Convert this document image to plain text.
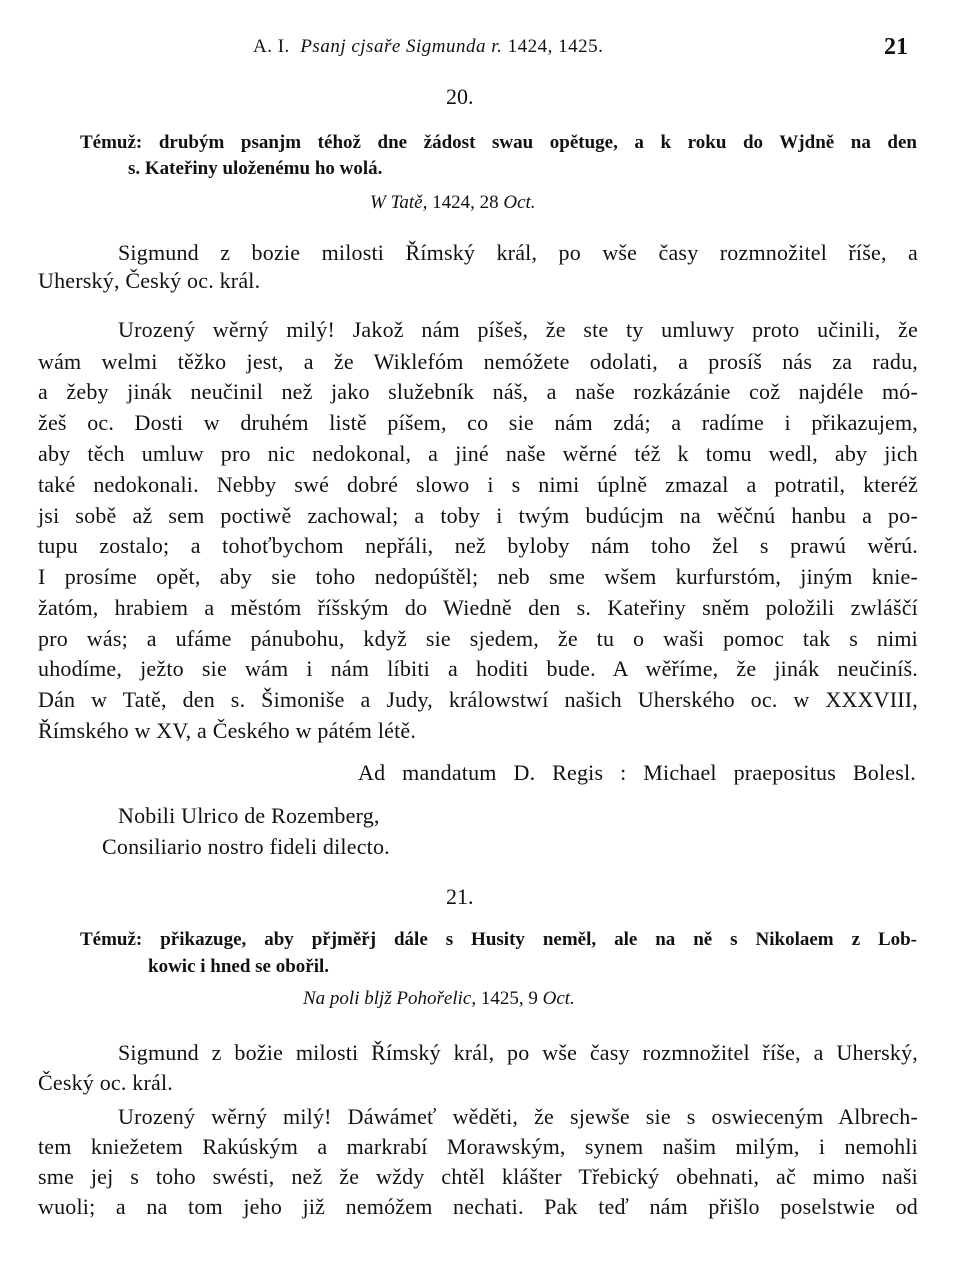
A. I. Psanj cjsaře Sigmunda r. 1424, 1425.	21
20.
Témuž: drubým psanjm téhož dne žádost swau opětuge, a k roku do Wjdně na den
s. Kateřiny uloženému ho wolá.
W Tatě, 1424, 28 Oct.
Sigmund z bozie milosti Římský král, po wše časy rozmnožitel říše, a
Uherský, Český oc. král.
Urozený wěrný milý! Jakož nám píšeš, že ste ty umluwy proto učinili, že
wám welmi těžko jest, a že Wiklefóm nemóžete odolati, a prosíš nás za radu,
a žeby jinák neučinil než jako služebník náš, a naše rozkázánie což najdéle mó-
žeš oc. Dosti w druhém listě píšem, co sie nám zdá; a radíme i přikazujem,
aby těch umluw pro nic nedokonal, a jiné naše wěrné též k tomu wedl, aby jich
také nedokonali. Nebby swé dobré slowo i s nimi úplně zmazal a potratil, kteréž
jsi sobě až sem poctiwě zachowal; a toby i twým budúcjm na wěčnú hanbu a po-
tupu zostalo; a tohoťbychom nepřáli, než byloby nám toho žel s prawú wěrú.
I prosíme opět, aby sie toho nedopúštěl; neb sme wšem kurfurstóm, jiným knie-
žatóm, hrabiem a městóm říšským do Wiedně den s. Kateřiny sněm položili zwláščí
pro wás; a ufáme pánubohu, když sie sjedem, že tu o waši pomoc tak s nimi
uhodíme, ježto sie wám i nám líbiti a hoditi bude. A wěříme, že jinák neučiníš.
Dán w Tatě, den s. Šimoniše a Judy, králowstwí našich Uherského oc. w XXXVIII,
Římského w XV, a Českého w pátém létě.
Ad mandatum D. Regis : Michael praepositus Bolesl.
Nobili Ulrico de Rozemberg,
Consiliario nostro fideli dilecto.
21.
Témuž: přikazuge, aby přjměřj dále s Husity neměl, ale na ně s Nikolaem z Lob-
kowic i hned se obořil.
Na poli blјž Pohořelic, 1425, 9 Oct.
Sigmund z božie milosti Římský král, po wše časy rozmnožitel říše, a Uherský,
Český oc. král.
Urozený wěrný milý! Dáwámeť wěděti, že sjewše sie s oswieceným Albrech-
tem kniežetem Rakúským a markrabí Morawským, synem našim milým, i nemohli
sme jej s toho swésti, než že wždy chtěl klášter Třebický obehnati, ač mimo naši
wuoli; a na tom jeho již nemóžem nechati. Pak teď nám přišlo poselstwie od
